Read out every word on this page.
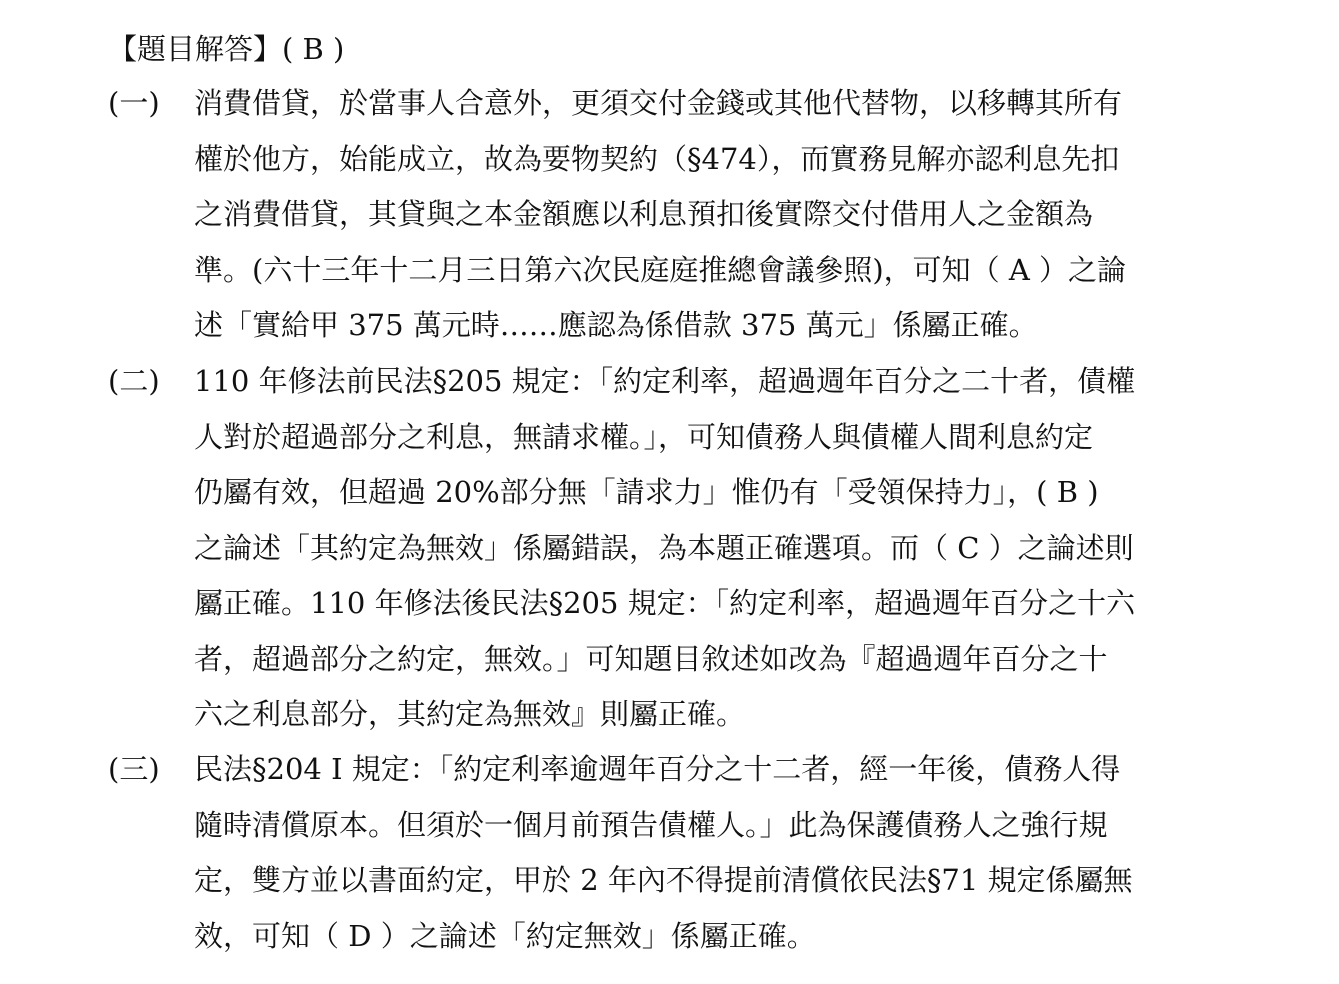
【題目解答】( B )
(一) 消費借貸，於當事人合意外，更須交付金錢或其他代替物，以移轉其所有
權於他方，始能成立，故為要物契約（§474），而實務見解亦認利息先扣
之消費借貸，其貸與之本金額應以利息預扣後實際交付借用人之金額為
準。(六十三年十二月三日第六次民庭庭推總會議參照)，可知（ A ）之論
述「實給甲 375 萬元時……應認為係借款 375 萬元」係屬正確。
(二) 110 年修法前民法§205 規定：「約定利率，超過週年百分之二十者，債權
人對於超過部分之利息，無請求權。」，可知債務人與債權人間利息約定
仍屬有效，但超過 20%部分無「請求力」惟仍有「受領保持力」，( B )
之論述「其約定為無效」係屬錯誤，為本題正確選項。而（ C ）之論述則
屬正確。110 年修法後民法§205 規定：「約定利率，超過週年百分之十六
者，超過部分之約定，無效。」可知題目敘述如改為『超過週年百分之十
六之利息部分，其約定為無效』則屬正確。
(三) 民法§204 I 規定：「約定利率逾週年百分之十二者，經一年後，債務人得
隨時清償原本。但須於一個月前預告債權人。」此為保護債務人之強行規
定，雙方並以書面約定，甲於 2 年內不得提前清償依民法§71 規定係屬無
效，可知（ D ）之論述「約定無效」係屬正確。
